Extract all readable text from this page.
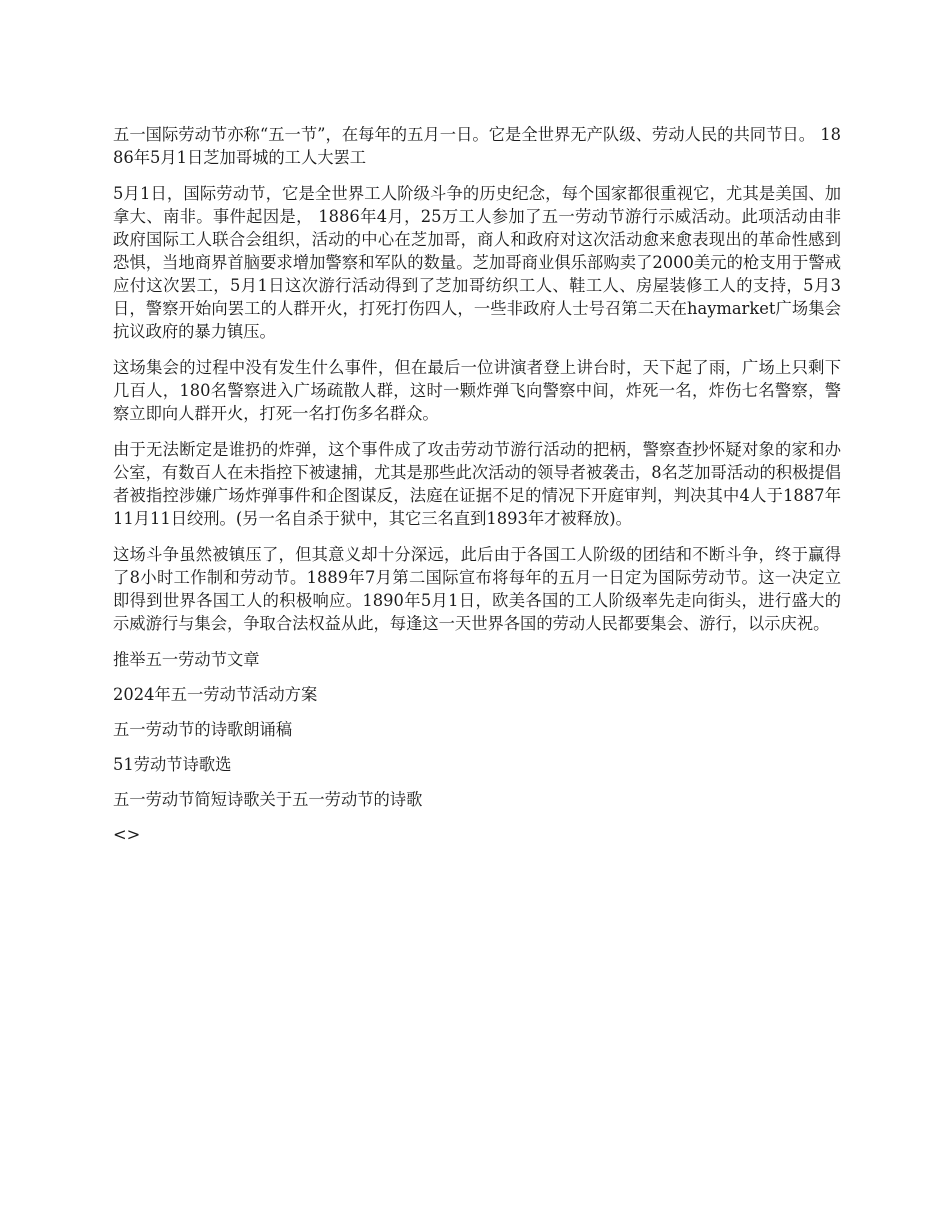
五一国际劳动节亦称“五一节”，在每年的五月一日。它是全世界无产队级、劳动人民的共同节日。 1886年5月1日芝加哥城的工人大罢工

5月1日，国际劳动节，它是全世界工人阶级斗争的历史纪念，每个国家都很重视它，尤其是美国、加拿大、南非。事件起因是， 1886年4月，25万工人参加了五一劳动节游行示威活动。此项活动由非政府国际工人联合会组织，活动的中心在芝加哥，商人和政府对这次活动愈来愈表现出的革命性感到恐惧，当地商界首脑要求增加警察和军队的数量。芝加哥商业俱乐部购卖了2000美元的枪支用于警戒应付这次罢工，5月1日这次游行活动得到了芝加哥纺织工人、鞋工人、房屋装修工人的支持，5月3日，警察开始向罢工的人群开火，打死打伤四人，一些非政府人士号召第二天在haymarket广场集会抗议政府的暴力镇压。

这场集会的过程中没有发生什么事件，但在最后一位讲演者登上讲台时，天下起了雨，广场上只剩下几百人，180名警察进入广场疏散人群，这时一颗炸弹飞向警察中间，炸死一名，炸伤七名警察，警察立即向人群开火，打死一名打伤多名群众。

由于无法断定是谁扔的炸弹，这个事件成了攻击劳动节游行活动的把柄，警察查抄怀疑对象的家和办公室，有数百人在未指控下被逮捕，尤其是那些此次活动的领导者被袭击，8名芝加哥活动的积极提倡者被指控涉嫌广场炸弹事件和企图谋反，法庭在证据不足的情况下开庭审判，判决其中4人于1887年11月11日绞刑。(另一名自杀于狱中，其它三名直到1893年才被释放)。

这场斗争虽然被镇压了，但其意义却十分深远，此后由于各国工人阶级的团结和不断斗争，终于赢得了8小时工作制和劳动节。1889年7月第二国际宣布将每年的五月一日定为国际劳动节。这一决定立即得到世界各国工人的积极响应。1890年5月1日，欧美各国的工人阶级率先走向街头，进行盛大的示威游行与集会，争取合法权益从此，每逢这一天世界各国的劳动人民都要集会、游行，以示庆祝。

推举五一劳动节文章

2024年五一劳动节活动方案

五一劳动节的诗歌朗诵稿

51劳动节诗歌选

五一劳动节简短诗歌关于五一劳动节的诗歌

<>
